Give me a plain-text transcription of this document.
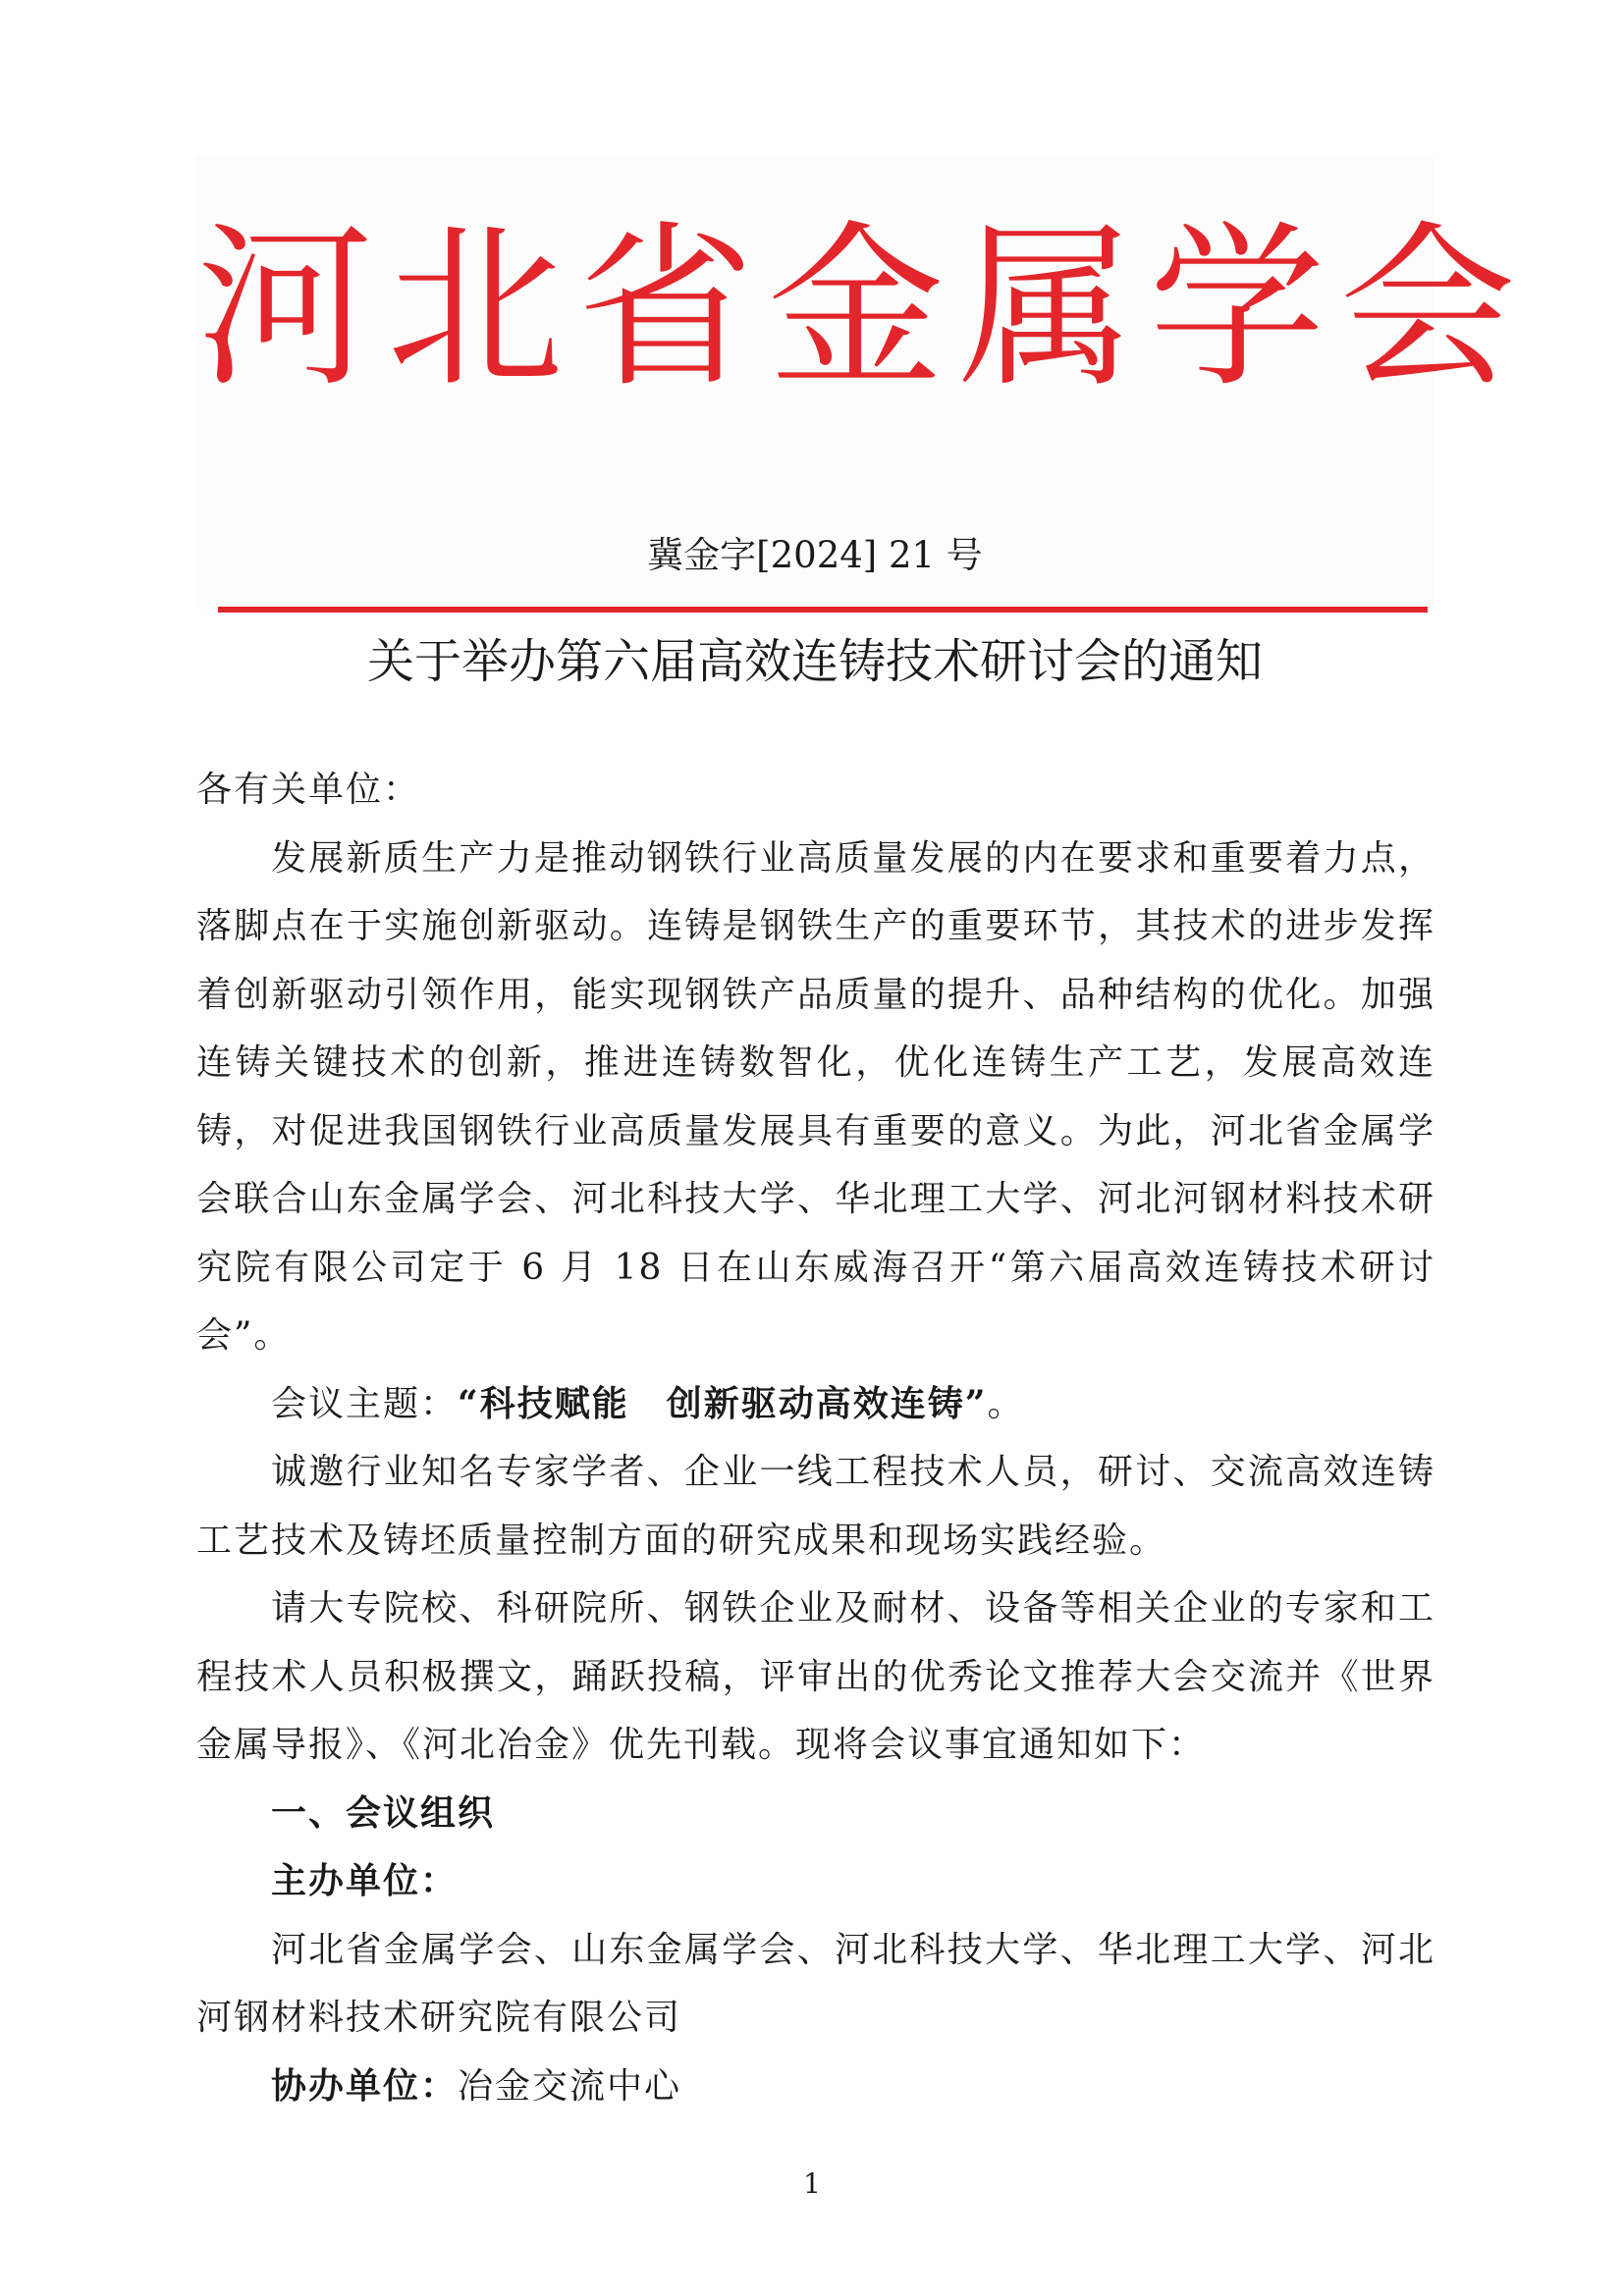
河北省金属学会
冀金字[2024] 21 号
关于举办第六届高效连铸技术研讨会的通知

各有关单位：

发展新质生产力是推动钢铁行业高质量发展的内在要求和重要着力点，落脚点在于实施创新驱动。连铸是钢铁生产的重要环节，其技术的进步发挥着创新驱动引领作用，能实现钢铁产品质量的提升、品种结构的优化。加强连铸关键技术的创新，推进连铸数智化，优化连铸生产工艺，发展高效连铸，对促进我国钢铁行业高质量发展具有重要的意义。为此，河北省金属学会联合山东金属学会、河北科技大学、华北理工大学、河北河钢材料技术研究院有限公司定于 6 月 18 日在山东威海召开“第六届高效连铸技术研讨会”。

会议主题：“科技赋能　创新驱动高效连铸”。

诚邀行业知名专家学者、企业一线工程技术人员，研讨、交流高效连铸工艺技术及铸坯质量控制方面的研究成果和现场实践经验。

请大专院校、科研院所、钢铁企业及耐材、设备等相关企业的专家和工程技术人员积极撰文，踊跃投稿，评审出的优秀论文推荐大会交流并《世界金属导报》、《河北冶金》优先刊载。现将会议事宜通知如下：

一、会议组织

主办单位：

河北省金属学会、山东金属学会、河北科技大学、华北理工大学、河北河钢材料技术研究院有限公司

协办单位：冶金交流中心

1
